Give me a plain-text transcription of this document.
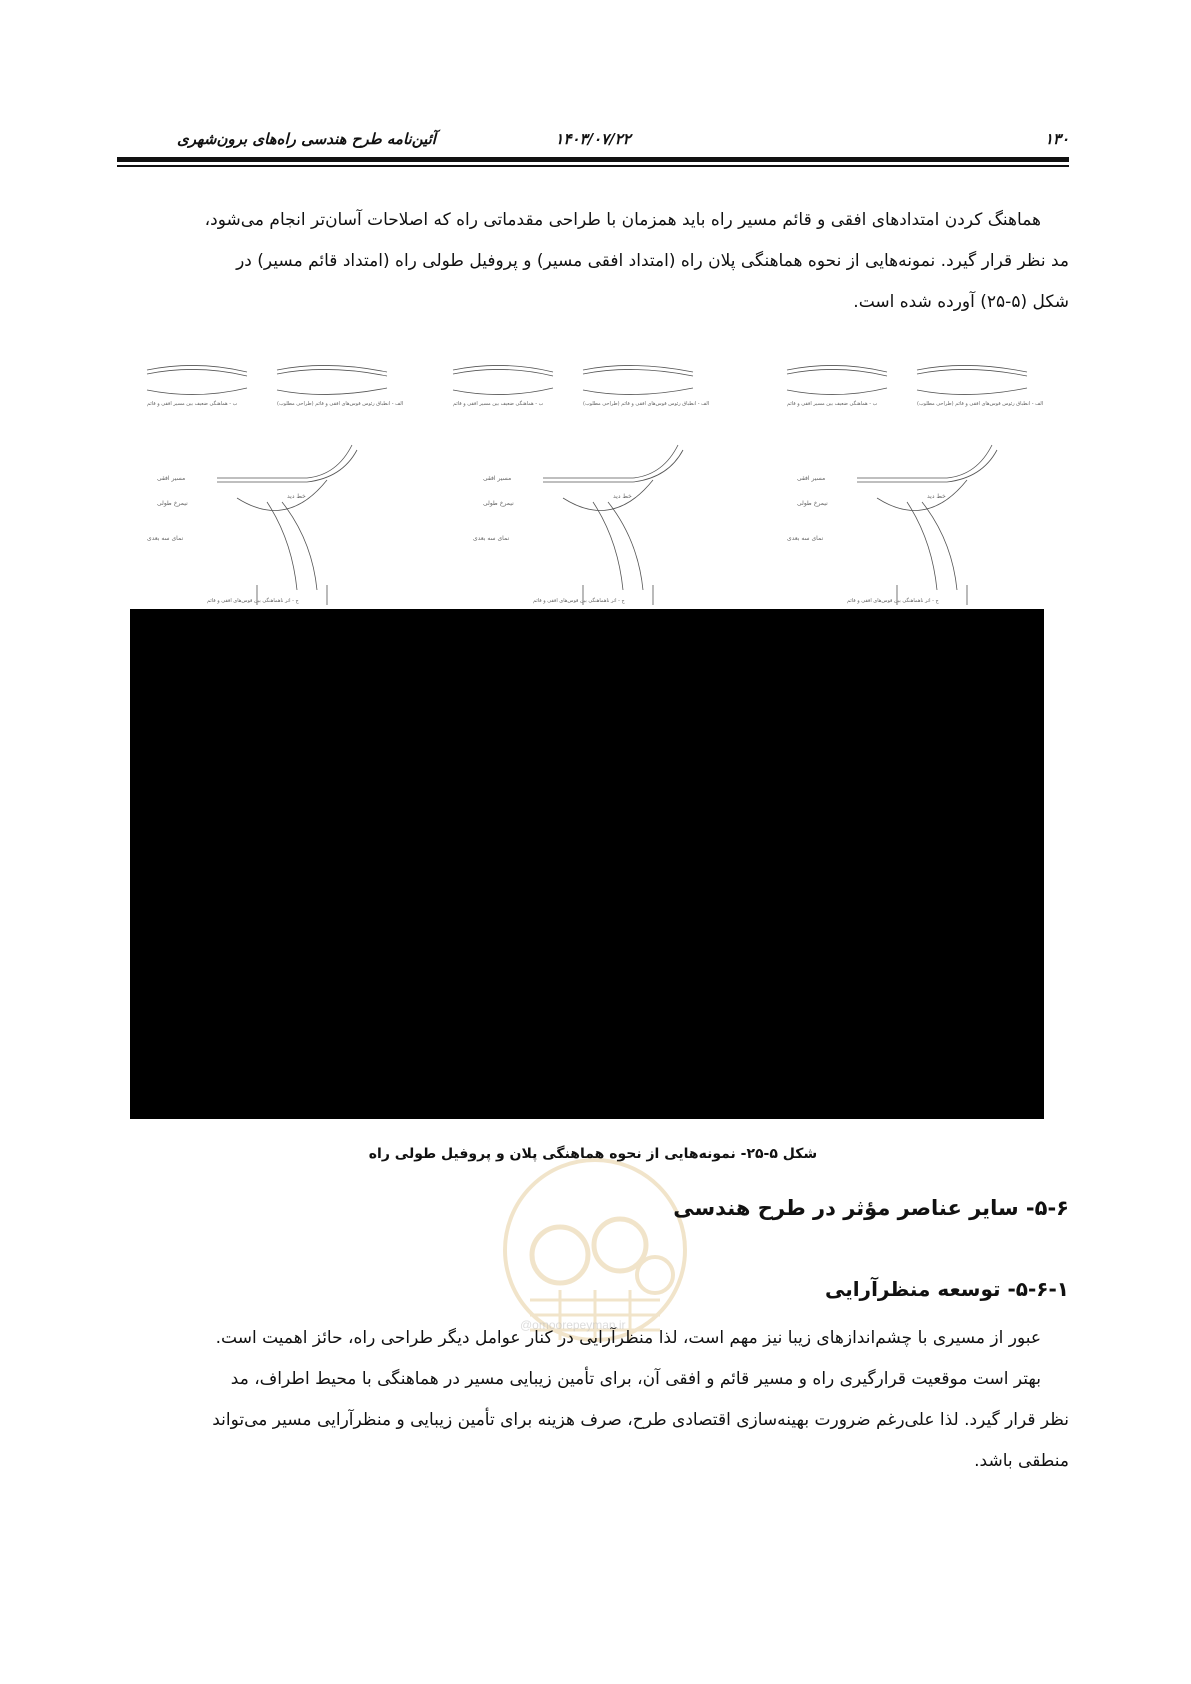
۱۳۰
۱۴۰۳/۰۷/۲۲
آئین‌نامه طرح هندسی راه‌های برون‌شهری

هماهنگ کردن امتدادهای افقی و قائم مسیر راه باید همزمان با طراحی مقدماتی راه که اصلاحات آسان‌تر انجام می‌شود،

مد نظر قرار گیرد. نمونه‌هایی از نحوه هماهنگی پلان راه (امتداد افقی مسیر) و پروفیل طولی راه (امتداد قائم مسیر) در

شکل (۵-۲۵) آورده شده است.

مسیر افقی
نیمرخ طولی
نمای سه بعدی
خط دید
ج - اثر ناهماهنگی بین قوس‌های افقی و قائم
الف - انطباق رئوس قوس‌های افقی و قائم (طراحی مطلوب)
ب - هماهنگی ضعیف بین مسیر افقی و قائم
مسیر افقی
نیمرخ طولی
نمای سه بعدی
خط دید
ج - اثر ناهماهنگی بین قوس‌های افقی و قائم
الف - انطباق رئوس قوس‌های افقی و قائم (طراحی مطلوب)
ب - هماهنگی ضعیف بین مسیر افقی و قائم
مسیر افقی
نیمرخ طولی
نمای سه بعدی
خط دید
ج - اثر ناهماهنگی بین قوس‌های افقی و قائم
الف - انطباق رئوس قوس‌های افقی و قائم (طراحی مطلوب)
ب - هماهنگی ضعیف بین مسیر افقی و قائم
شکل ۵-۲۵- نمونه‌هایی از نحوه هماهنگی پلان و پروفیل طولی راه
@omoorepeyman.ir
۵-۶- سایر عناصر مؤثر در طرح هندسی
۵-۶-۱- توسعه منظرآرایی

عبور از مسیری با چشم‌اندازهای زیبا نیز مهم است، لذا منظرآرایی در کنار عوامل دیگر طراحی راه، حائز اهمیت است.

بهتر است موقعیت قرارگیری راه و مسیر قائم و افقی آن، برای تأمین زیبایی مسیر در هماهنگی با محیط اطراف، مد

نظر قرار گیرد. لذا علی‌رغم ضرورت بهینه‌سازی اقتصادی طرح، صرف هزینه برای تأمین زیبایی و منظرآرایی مسیر می‌تواند

منطقی باشد.
